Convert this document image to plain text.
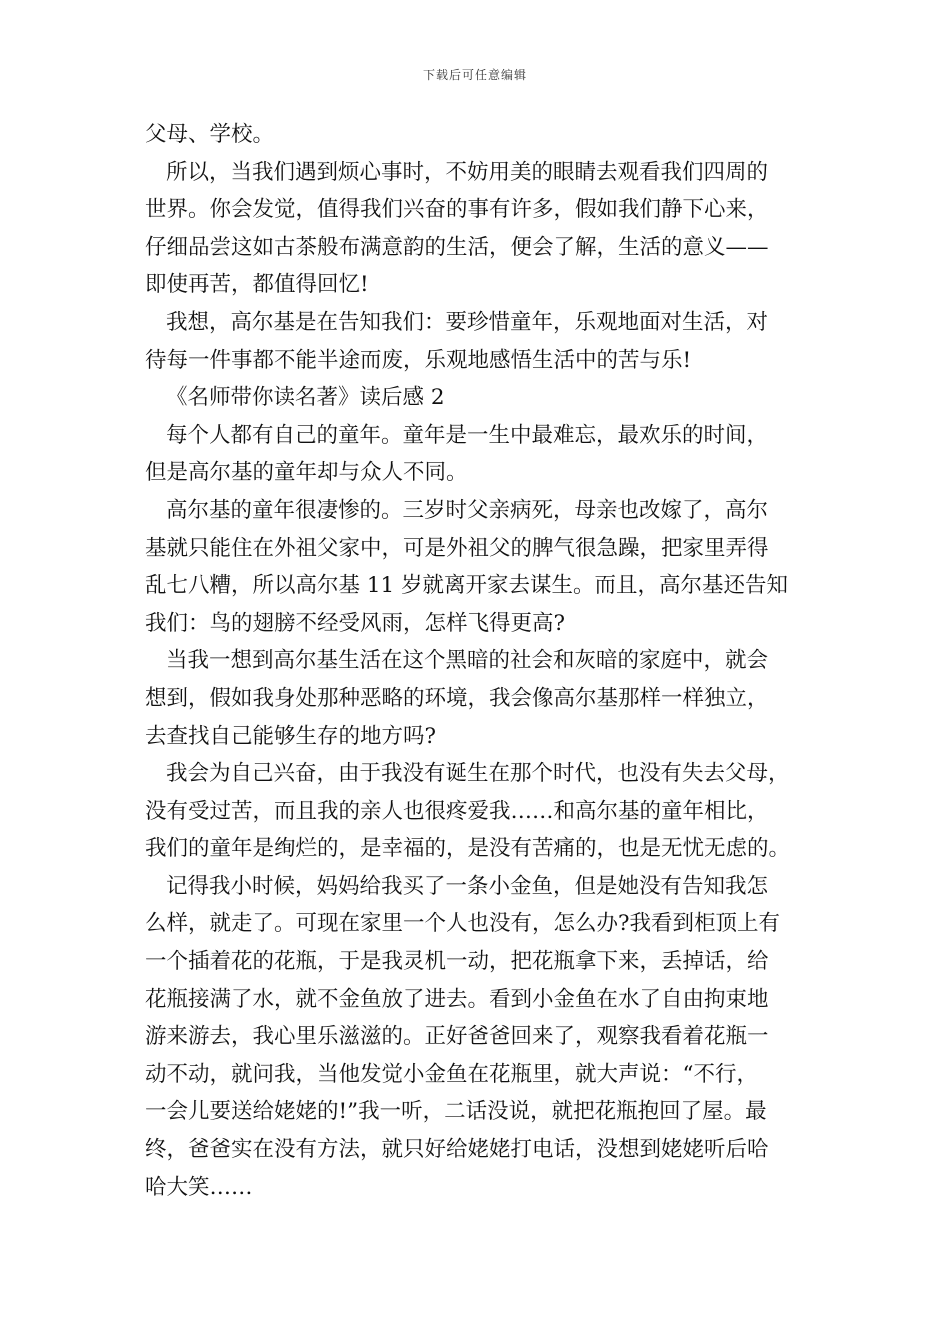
下载后可任意编辑
父母、学校。
所以，当我们遇到烦心事时，不妨用美的眼睛去观看我们四周的
世界。你会发觉，值得我们兴奋的事有许多，假如我们静下心来，
仔细品尝这如古茶般布满意韵的生活，便会了解，生活的意义——
即使再苦，都值得回忆!
我想，高尔基是在告知我们：要珍惜童年，乐观地面对生活，对
待每一件事都不能半途而废，乐观地感悟生活中的苦与乐!
《名师带你读名著》读后感 2
每个人都有自己的童年。童年是一生中最难忘，最欢乐的时间，
但是高尔基的童年却与众人不同。
高尔基的童年很凄惨的。三岁时父亲病死，母亲也改嫁了，高尔
基就只能住在外祖父家中，可是外祖父的脾气很急躁，把家里弄得
乱七八糟，所以高尔基 11 岁就离开家去谋生。而且，高尔基还告知
我们：鸟的翅膀不经受风雨，怎样飞得更高?
当我一想到高尔基生活在这个黑暗的社会和灰暗的家庭中，就会
想到，假如我身处那种恶略的环境，我会像高尔基那样一样独立，
去查找自己能够生存的地方吗?
我会为自己兴奋，由于我没有诞生在那个时代，也没有失去父母，
没有受过苦，而且我的亲人也很疼爱我……和高尔基的童年相比，
我们的童年是绚烂的，是幸福的，是没有苦痛的，也是无忧无虑的。
记得我小时候，妈妈给我买了一条小金鱼，但是她没有告知我怎
么样，就走了。可现在家里一个人也没有，怎么办?我看到柜顶上有
一个插着花的花瓶，于是我灵机一动，把花瓶拿下来，丢掉话，给
花瓶接满了水，就不金鱼放了进去。看到小金鱼在水了自由拘束地
游来游去，我心里乐滋滋的。正好爸爸回来了，观察我看着花瓶一
动不动，就问我，当他发觉小金鱼在花瓶里，就大声说：“不行，
一会儿要送给姥姥的!”我一听，二话没说，就把花瓶抱回了屋。最
终，爸爸实在没有方法，就只好给姥姥打电话，没想到姥姥听后哈
哈大笑……
